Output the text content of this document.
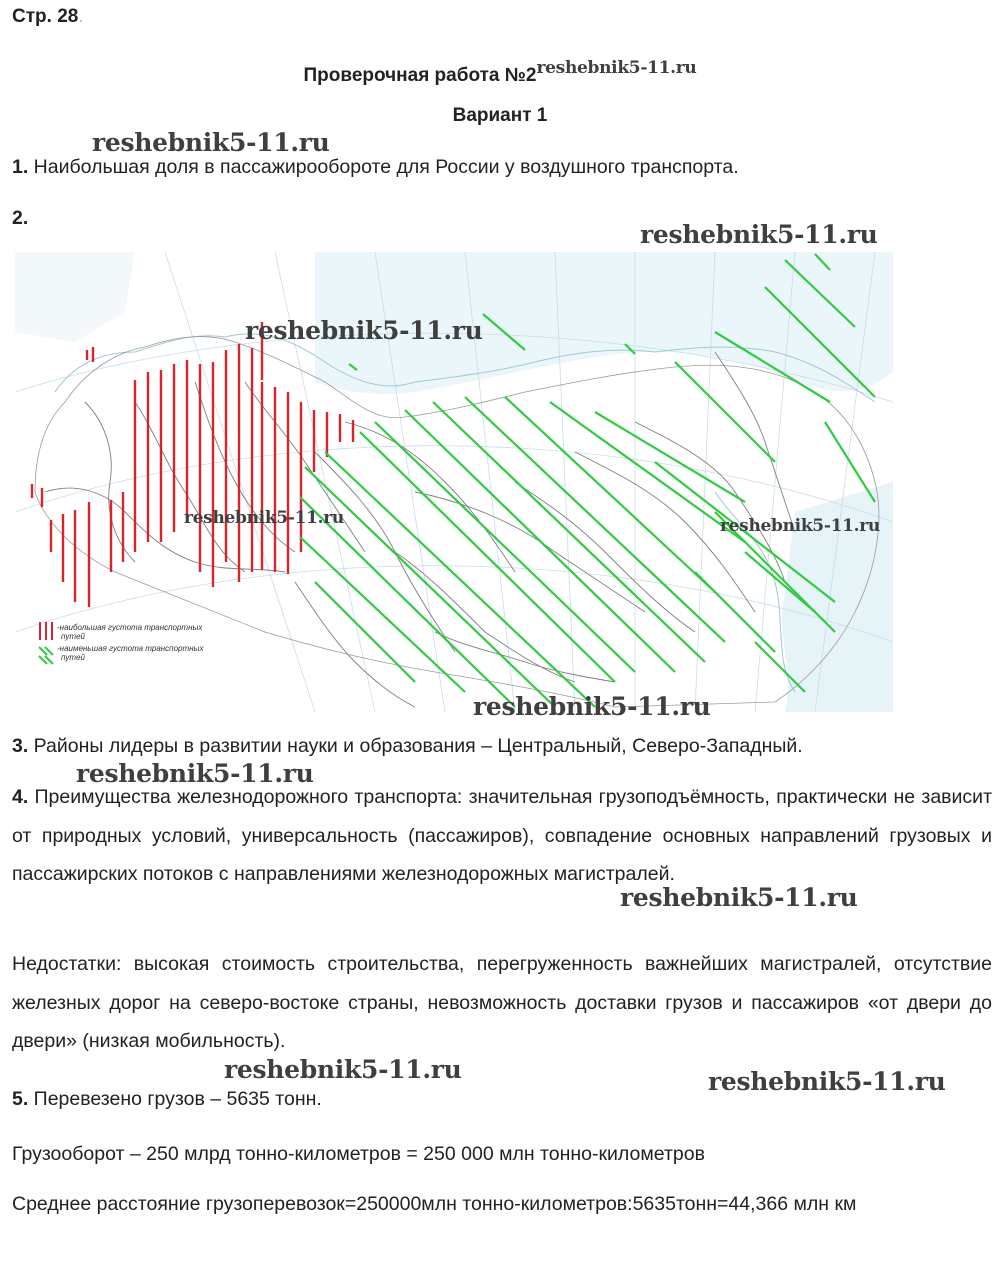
Стр. 28.
Проверочная работа $№2^{reshebnik5-11.ru}$
Вариант 1
reshebnik5-11.ru
1. Наибольшая доля в пассажирообороте для России у воздушного транспорта.
2.
reshebnik5-11.ru
-наибольшая густота транспортных
путей
-наименьшая густота транспортных
путей
reshebnik5-11.ru
reshebnik5-11.ru	reshebnik5-11.ru
reshebnik5-11.ru
3. Районы лидеры в развитии науки и образования – Центральный, Северо-Западный.
reshebnik5-11.ru
4. Преимущества железнодорожного транспорта: значительная грузоподъёмность, практически не зависит от природных условий, универсальность (пассажиров), совпадение основных направлений грузовых и пассажирских потоков с направлениями железнодорожных магистралей.
reshebnik5-11.ru
Недостатки: высокая стоимость строительства, перегруженность важнейших магистралей, отсутствие железных дорог на северо-востоке страны, невозможность доставки грузов и пассажиров «от двери до двери» (низкая мобильность).
reshebnik5-11.ru	reshebnik5-11.ru
5. Перевезено грузов – 5635 тонн.
Грузооборот – 250 млрд тонно-километров = 250 000 млн тонно-километров
Среднее расстояние грузоперевозок=250000млн тонно-километров:5635тонн=44,366 млн км
